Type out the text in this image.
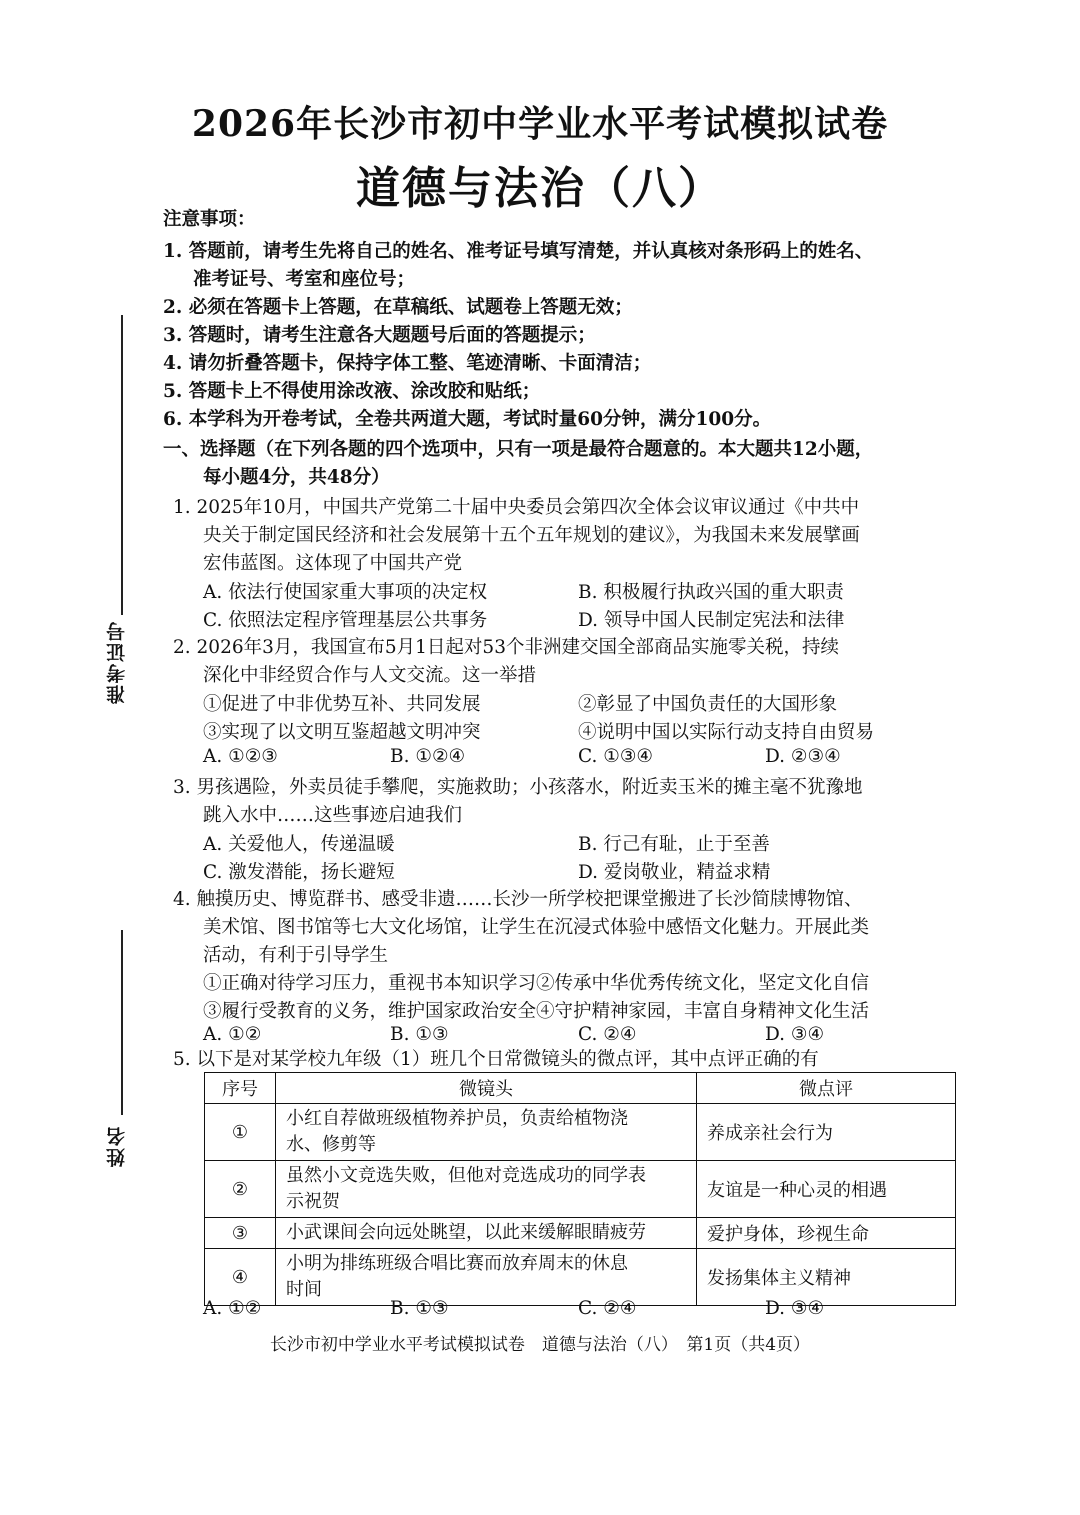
2026年长沙市初中学业水平考试模拟试卷
道德与法治（八）
准考证号
姓名
注意事项：
1. 答题前，请考生先将自己的姓名、准考证号填写清楚，并认真核对条形码上的姓名、
准考证号、考室和座位号；
2. 必须在答题卡上答题，在草稿纸、试题卷上答题无效；
3. 答题时，请考生注意各大题题号后面的答题提示；
4. 请勿折叠答题卡，保持字体工整、笔迹清晰、卡面清洁；
5. 答题卡上不得使用涂改液、涂改胶和贴纸；
6. 本学科为开卷考试，全卷共两道大题，考试时量60分钟，满分100分。
一、选择题（在下列各题的四个选项中，只有一项是最符合题意的。本大题共12小题，
每小题4分，共48分）
1. 2025年10月，中国共产党第二十届中央委员会第四次全体会议审议通过《中共中
央关于制定国民经济和社会发展第十五个五年规划的建议》，为我国未来发展擘画
宏伟蓝图。这体现了中国共产党
A. 依法行使国家重大事项的决定权	B. 积极履行执政兴国的重大职责
C. 依照法定程序管理基层公共事务	D. 领导中国人民制定宪法和法律
2. 2026年3月，我国宣布5月1日起对53个非洲建交国全部商品实施零关税，持续
深化中非经贸合作与人文交流。这一举措
①促进了中非优势互补、共同发展	②彰显了中国负责任的大国形象
③实现了以文明互鉴超越文明冲突	④说明中国以实际行动支持自由贸易
A. ①②③	B. ①②④	C. ①③④	D. ②③④
3. 男孩遇险，外卖员徒手攀爬，实施救助；小孩落水，附近卖玉米的摊主毫不犹豫地
跳入水中……这些事迹启迪我们
A. 关爱他人，传递温暖	B. 行己有耻，止于至善
C. 激发潜能，扬长避短	D. 爱岗敬业，精益求精
4. 触摸历史、博览群书、感受非遗……长沙一所学校把课堂搬进了长沙简牍博物馆、
美术馆、图书馆等七大文化场馆，让学生在沉浸式体验中感悟文化魅力。开展此类
活动，有利于引导学生
①正确对待学习压力，重视书本知识学习②传承中华优秀传统文化，坚定文化自信
③履行受教育的义务，维护国家政治安全④守护精神家园，丰富自身精神文化生活
A. ①②	B. ①③	C. ②④	D. ③④
5. 以下是对某学校九年级（1）班几个日常微镜头的微点评，其中点评正确的有
序号	微镜头	微点评
①	小红自荐做班级植物养护员，负责给植物浇
水、修剪等	养成亲社会行为
②	虽然小文竞选失败，但他对竞选成功的同学表
示祝贺	友谊是一种心灵的相遇
③	小武课间会向远处眺望，以此来缓解眼睛疲劳	爱护身体，珍视生命
④	小明为排练班级合唱比赛而放弃周末的休息
时间	发扬集体主义精神
A. ①②	B. ①③	C. ②④	D. ③④
长沙市初中学业水平考试模拟试卷　道德与法治（八）　第1页（共4页）
